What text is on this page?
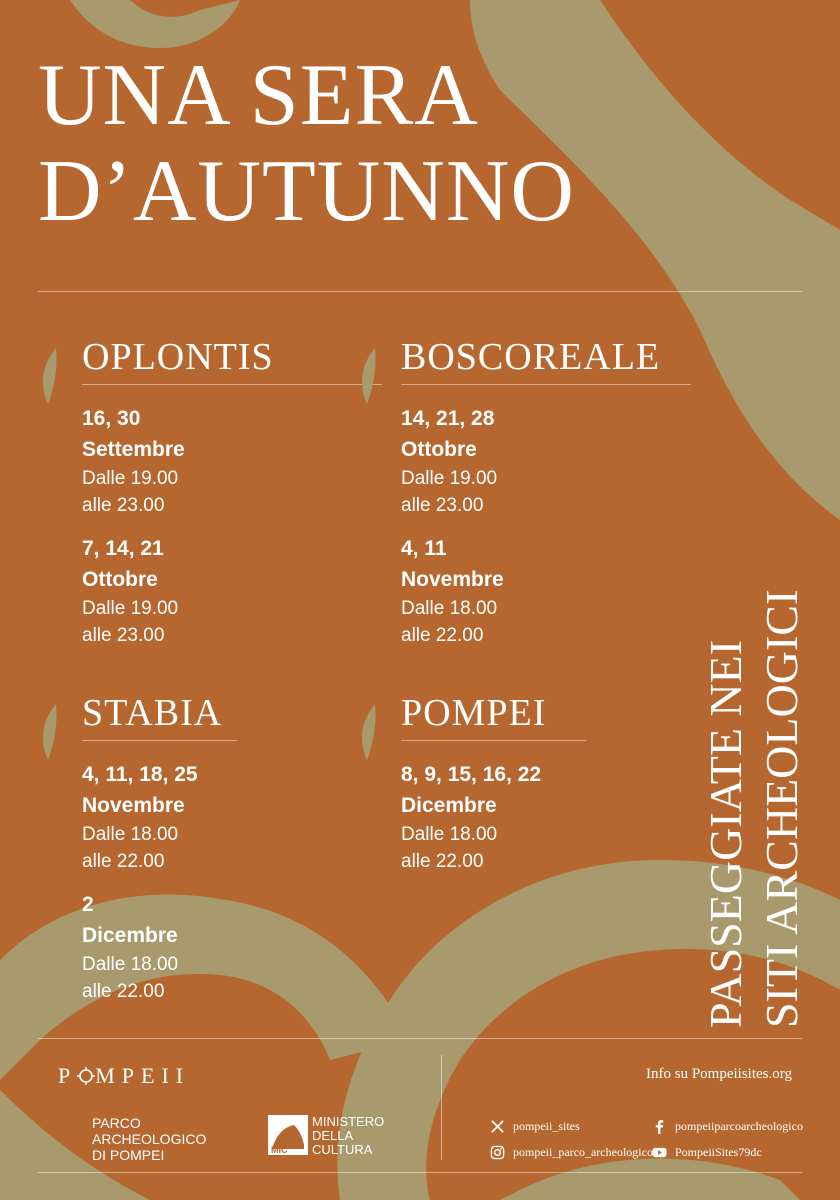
UNA SERA
D’AUTUNNO

OPLONTIS

16, 30

Settembre

Dalle 19.00

alle 23.00

7, 14, 21

Ottobre

Dalle 19.00

alle 23.00

BOSCOREALE

14, 21, 28

Ottobre

Dalle 19.00

alle 23.00

4, 11

Novembre

Dalle 18.00

alle 22.00

STABIA

4, 11, 18, 25

Novembre

Dalle 18.00

alle 22.00

2

Dicembre

Dalle 18.00

alle 22.00

POMPEI

8, 9, 15, 16, 22

Dicembre

Dalle 18.00

alle 22.00	PASSEGGIATE NEI SITI ARCHEOLOGICI
P MPEII

PARCO
ARCHEOLOGICO
DI POMPEI	MiC
MINISTERO
DELLA
CULTURA
Info su Pompeiisites.org
pompeii_sites	pompeiiparcoarcheologico
pompeii_parco_archeologico PompeiiSites79dc
